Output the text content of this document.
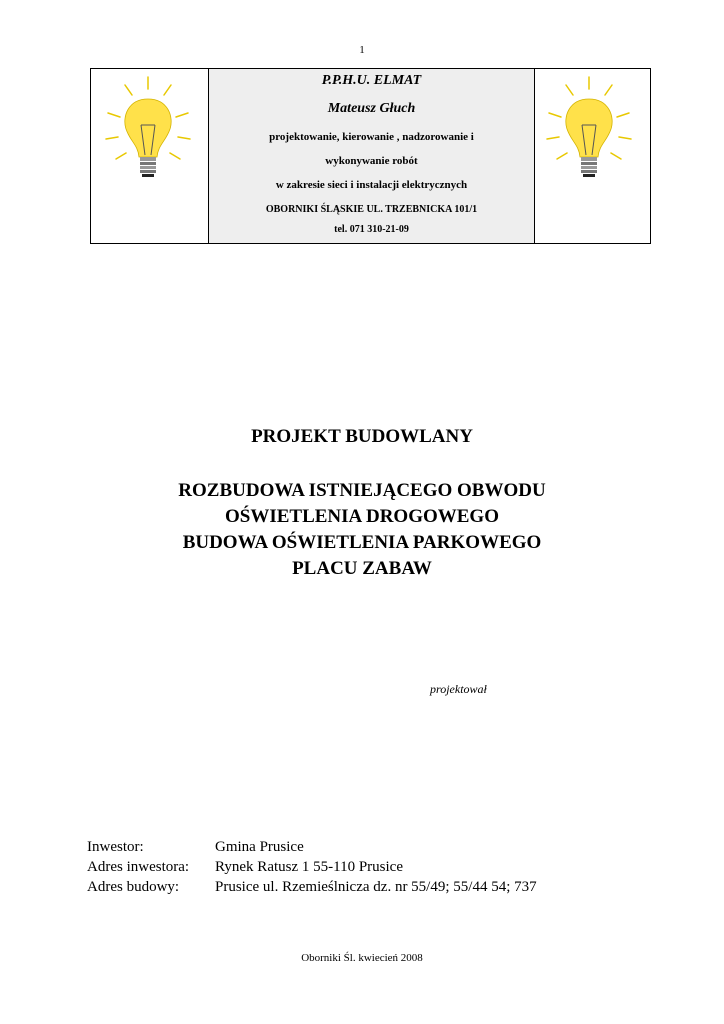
1
P.P.H.U. ELMAT
Mateusz Głuch
projektowanie, kierowanie , nadzorowanie i
wykonywanie robót
w zakresie sieci i instalacji elektrycznych
OBORNIKI ŚLĄSKIE UL. TRZEBNICKA 101/1
tel. 071 310-21-09
PROJEKT BUDOWLANY
ROZBUDOWA ISTNIEJĄCEGO OBWODU
OŚWIETLENIA DROGOWEGO
BUDOWA OŚWIETLENIA PARKOWEGO
PLACU ZABAW
projektował
Inwestor:	Gmina Prusice
Adres inwestora:	Rynek Ratusz 1 55-110 Prusice
Adres budowy:	Prusice ul. Rzemieślnicza dz. nr 55/49; 55/44 54; 737
Oborniki Śl. kwiecień 2008
